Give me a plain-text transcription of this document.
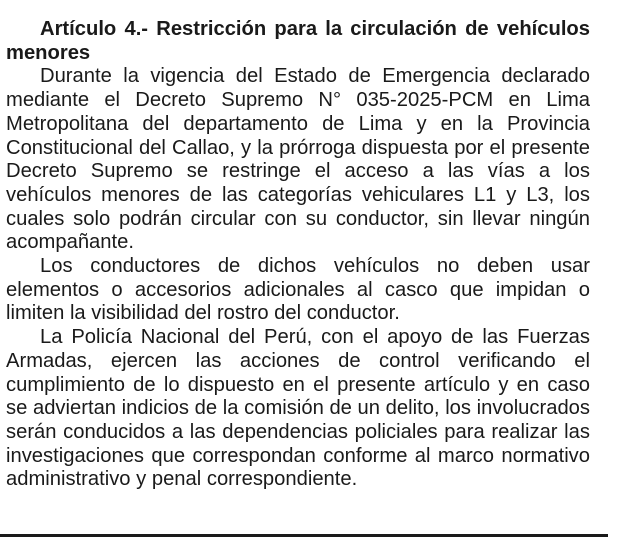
Artículo 4.- Restricción para la circulación de vehículos menores

Durante la vigencia del Estado de Emergencia declarado mediante el Decreto Supremo N° 035-2025-PCM en Lima Metropolitana del departamento de Lima y en la Provincia Constitucional del Callao, y la prórroga dispuesta por el presente Decreto Supremo se restringe el acceso a las vías a los vehículos menores de las categorías vehiculares L1 y L3, los cuales solo podrán circular con su conductor, sin llevar ningún acompañante.

Los conductores de dichos vehículos no deben usar elementos o accesorios adicionales al casco que impidan o limiten la visibilidad del rostro del conductor.

La Policía Nacional del Perú, con el apoyo de las Fuerzas Armadas, ejercen las acciones de control verificando el cumplimiento de lo dispuesto en el presente artículo y en caso se adviertan indicios de la comisión de un delito, los involucrados serán conducidos a las dependencias policiales para realizar las investigaciones que correspondan conforme al marco normativo administrativo y penal correspondiente.
